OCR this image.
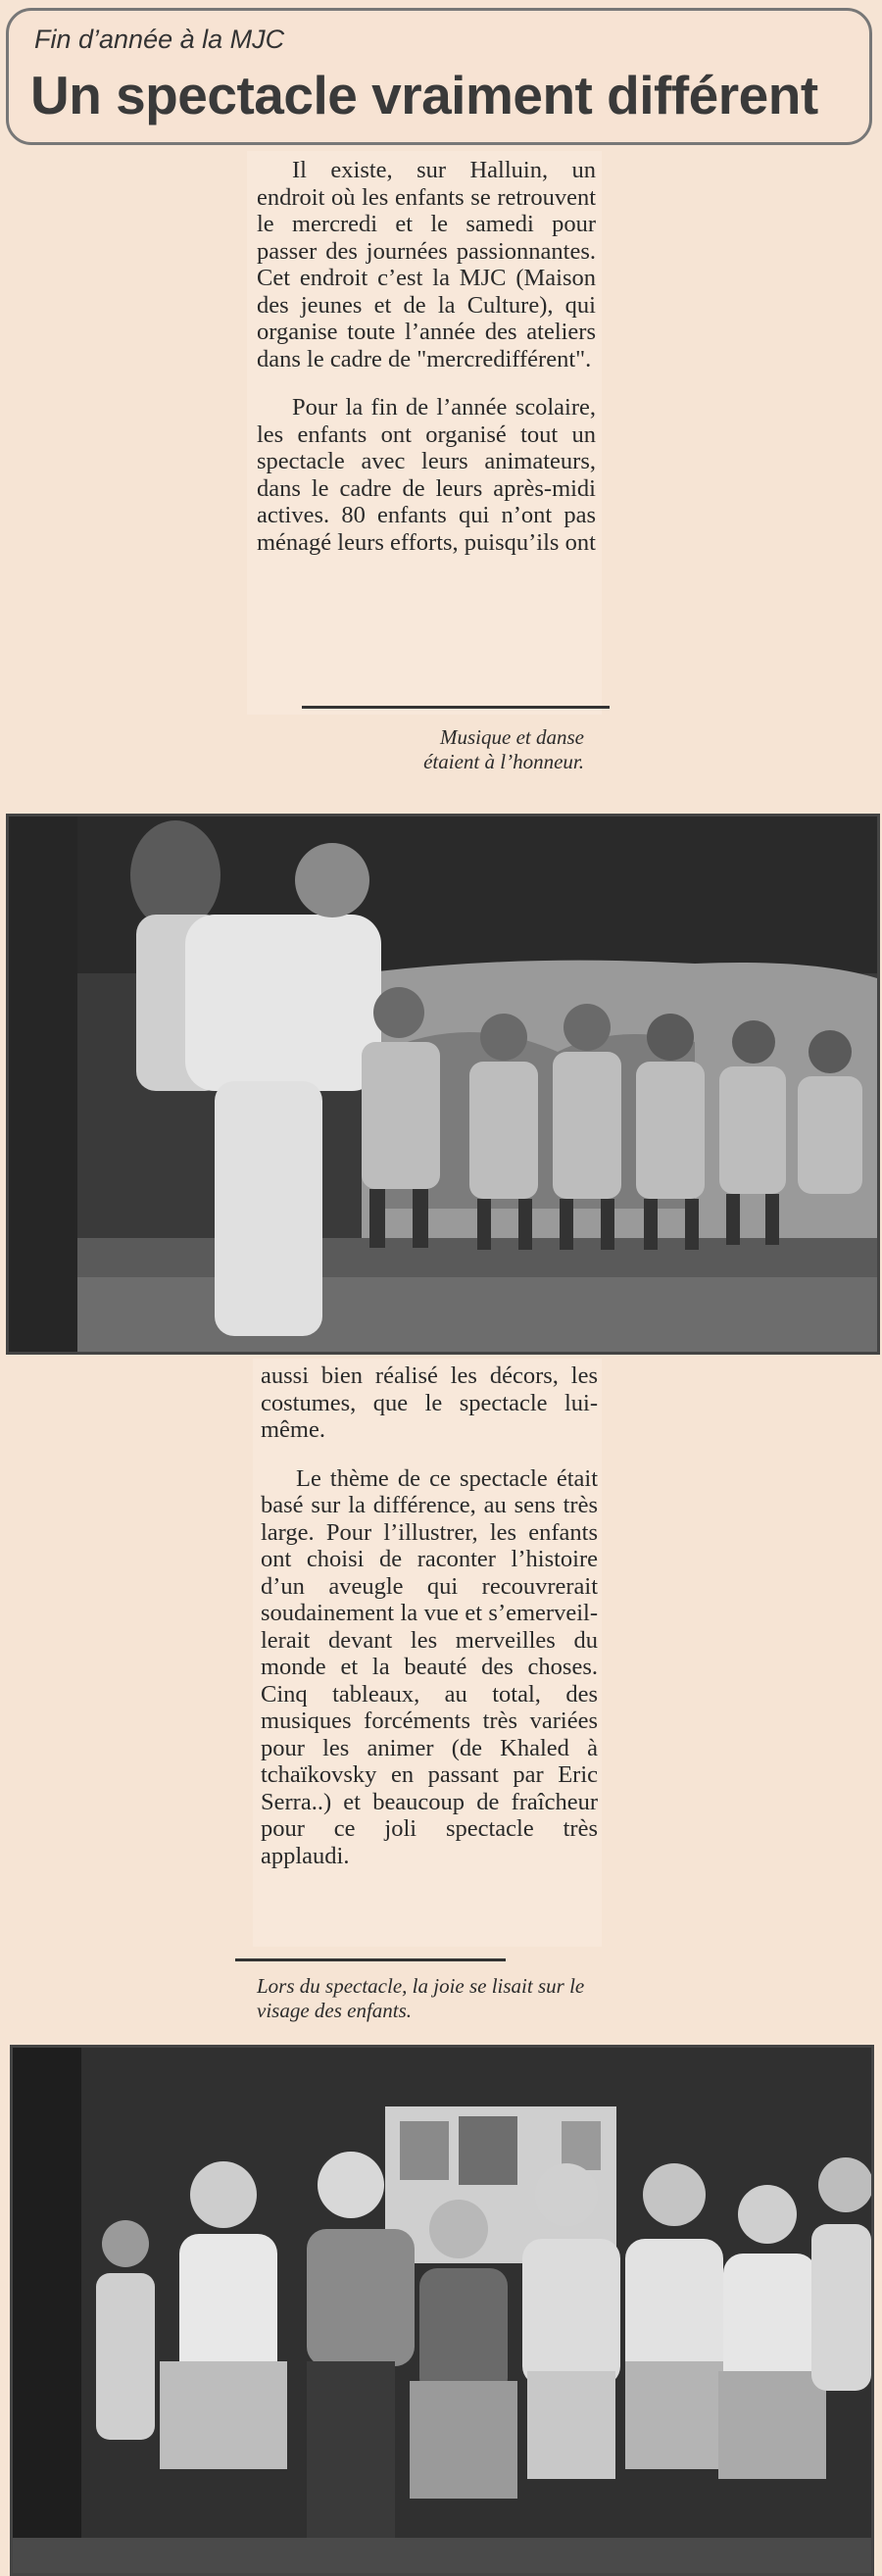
Fin d’année à la MJC
Un spectacle vraiment différent

Il existe, sur Halluin, un endroit où les enfants se retrouvent le mercredi et le samedi pour passer des journées passionnantes. Cet endroit c’est la MJC (Maison des jeunes et de la Culture), qui organise toute l’année des ateliers dans le cadre de "mercredifférent".

Pour la fin de l’année scolaire, les enfants ont organisé tout un spectacle avec leurs animateurs, dans le cadre de leurs après-midi actives. 80 enfants qui n’ont pas ménagé leurs efforts, puisqu’ils ont

Musique et danse étaient à l’honneur.

aussi bien réalisé les décors, les costumes, que le spectacle lui-même.

Le thème de ce spectacle était basé sur la différence, au sens très large. Pour l’illustrer, les enfants ont choisi de raconter l’histoire d’un aveugle qui recouvrerait soudainement la vue et s’emerveillerait devant les merveilles du monde et la beauté des choses. Cinq tableaux, au total, des musiques forcéments très variées pour les animer (de Khaled à tchaïkovsky en passant par Eric Serra..) et beaucoup de fraîcheur pour ce joli spectacle très applaudi.

Lors du spectacle, la joie se lisait sur le visage des enfants.
